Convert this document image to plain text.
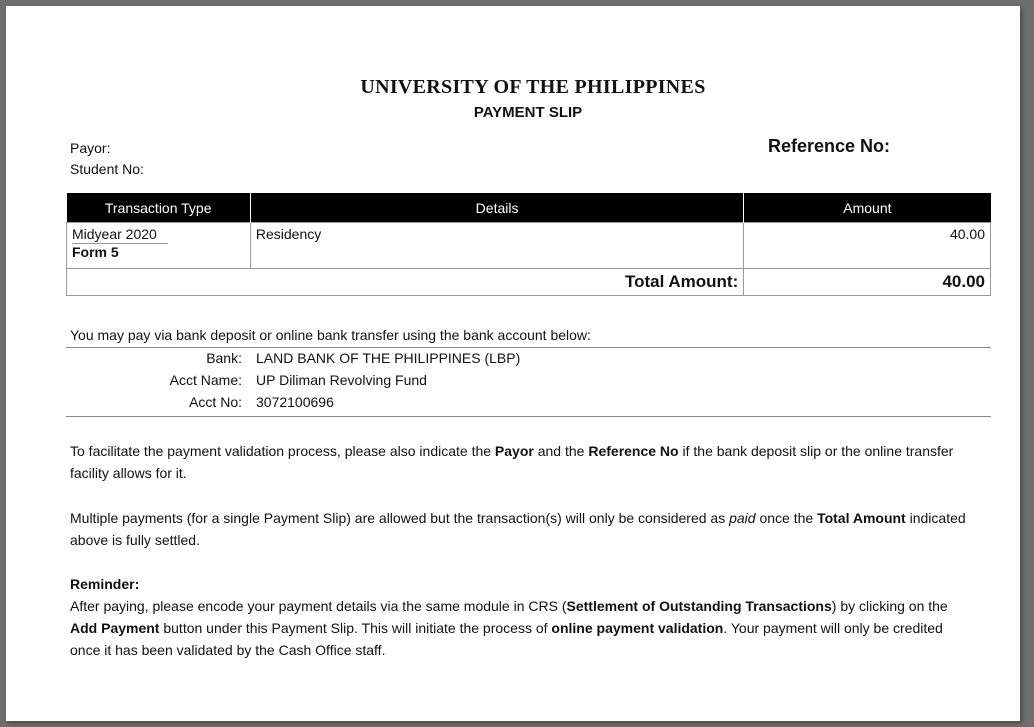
UNIVERSITY OF THE PHILIPPINES
PAYMENT SLIP
Payor:
Student No:
Reference No:
Transaction Type	Details	Amount
Midyear 2020
Form 5	Residency	40.00
Total Amount:		40.00
You may pay via bank deposit or online bank transfer using the bank account below:
Bank: LAND BANK OF THE PHILIPPINES (LBP)
Acct Name: UP Diliman Revolving Fund
Acct No: 3072100696
To facilitate the payment validation process, please also indicate the Payor and the Reference No if the bank deposit slip or the online transfer facility allows for it.
Multiple payments (for a single Payment Slip) are allowed but the transaction(s) will only be considered as paid once the Total Amount indicated above is fully settled.
Reminder:
After paying, please encode your payment details via the same module in CRS (Settlement of Outstanding Transactions) by clicking on the Add Payment button under this Payment Slip. This will initiate the process of online payment validation. Your payment will only be credited once it has been validated by the Cash Office staff.
